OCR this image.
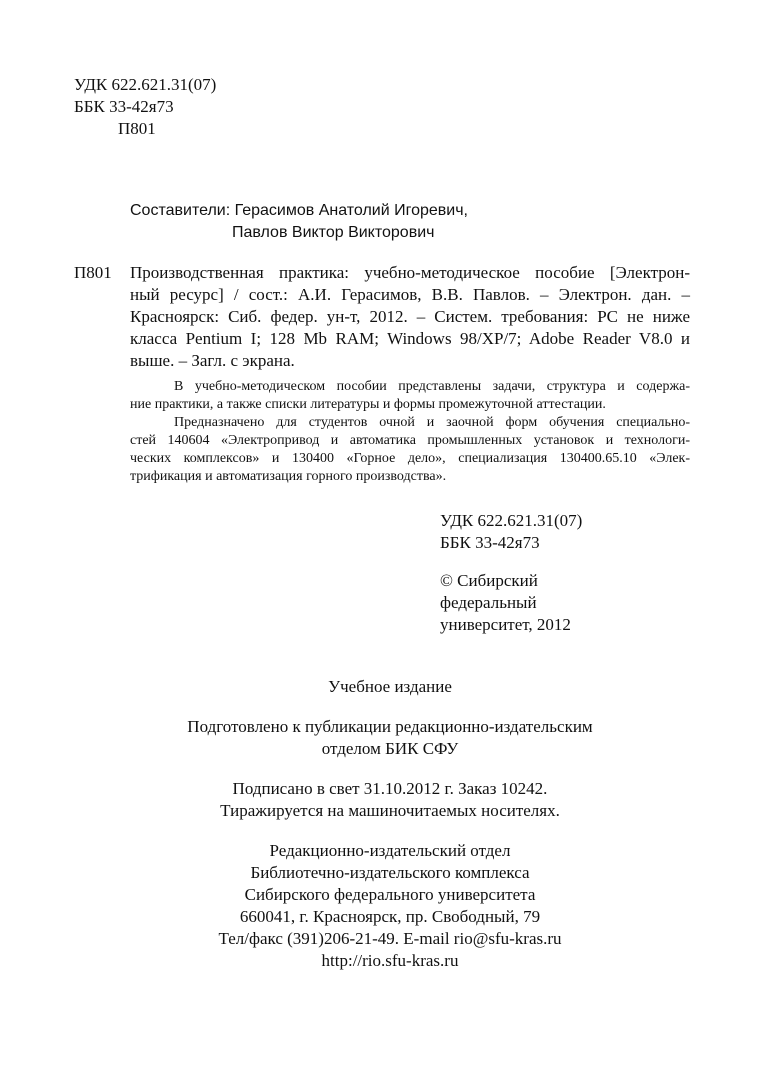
УДК 622.621.31(07)
ББК 33-42я73
П801
Составители: Герасимов Анатолий Игоревич,
Павлов Виктор Викторович
П801 Производственная практика: учебно-методическое пособие [Электрон-
ный ресурс] / сост.: А.И. Герасимов, В.В. Павлов. – Электрон. дан. –
Красноярск: Сиб. федер. ун-т, 2012. – Систем. требования: PC не ниже
класса Pentium I; 128 Mb RAM; Windows 98/XP/7; Adobe Reader V8.0 и
выше. – Загл. с экрана.
В учебно-методическом пособии представлены задачи, структура и содержа-
ние практики, а также списки литературы и формы промежуточной аттестации.
Предназначено для студентов очной и заочной форм обучения специально-
стей 140604 «Электропривод и автоматика промышленных установок и технологи-
ческих комплексов» и 130400 «Горное дело», специализация 130400.65.10 «Элек-
трификация и автоматизация горного производства».
УДК 622.621.31(07)
ББК 33-42я73
© Сибирский
федеральный
университет, 2012
Учебное издание
Подготовлено к публикации редакционно-издательским
отделом БИК СФУ
Подписано в свет 31.10.2012 г. Заказ 10242.
Тиражируется на машиночитаемых носителях.
Редакционно-издательский отдел
Библиотечно-издательского комплекса
Сибирского федерального университета
660041, г. Красноярск, пр. Свободный, 79
Тел/факс (391)206-21-49. E-mail rio@sfu-kras.ru
http://rio.sfu-kras.ru
